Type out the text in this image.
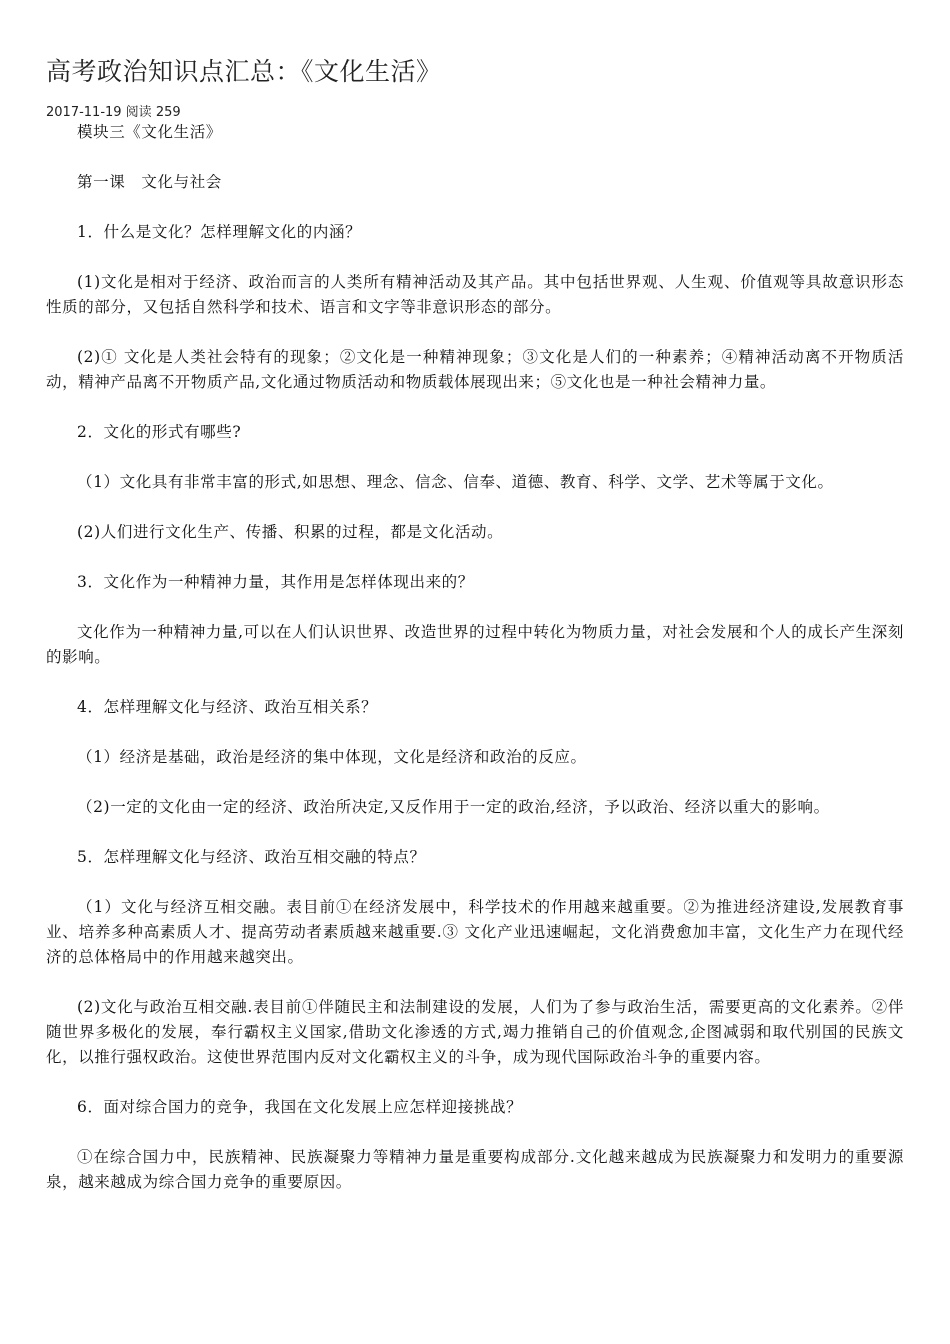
高考政治知识点汇总：《文化生活》
2017-11-19 阅读 259

模块三《文化生活》

第一课　文化与社会

1．什么是文化？怎样理解文化的内涵？

(1)文化是相对于经济、政治而言的人类所有精神活动及其产品。其中包括世界观、人生观、价值观等具故意识形态性质的部分，又包括自然科学和技术、语言和文字等非意识形态的部分。

(2)① 文化是人类社会特有的现象；②文化是一种精神现象；③文化是人们的一种素养；④精神活动离不开物质活动，精神产品离不开物质产品,文化通过物质活动和物质载体展现出来；⑤文化也是一种社会精神力量。

2．文化的形式有哪些?

（1）文化具有非常丰富的形式,如思想、理念、信念、信奉、道德、教育、科学、文学、艺术等属于文化。

(2)人们进行文化生产、传播、积累的过程，都是文化活动。

3．文化作为一种精神力量，其作用是怎样体现出来的？

文化作为一种精神力量,可以在人们认识世界、改造世界的过程中转化为物质力量，对社会发展和个人的成长产生深刻的影响。

4．怎样理解文化与经济、政治互相关系？

（1）经济是基础，政治是经济的集中体现，文化是经济和政治的反应。

（2)一定的文化由一定的经济、政治所决定,又反作用于一定的政治,经济，予以政治、经济以重大的影响。

5．怎样理解文化与经济、政治互相交融的特点？

（1）文化与经济互相交融。表目前①在经济发展中，科学技术的作用越来越重要。②为推进经济建设,发展教育事业、培养多种高素质人才、提高劳动者素质越来越重要.③ 文化产业迅速崛起，文化消费愈加丰富，文化生产力在现代经济的总体格局中的作用越来越突出。

(2)文化与政治互相交融.表目前①伴随民主和法制建设的发展，人们为了参与政治生活，需要更高的文化素养。②伴随世界多极化的发展，奉行霸权主义国家,借助文化渗透的方式,竭力推销自己的价值观念,企图减弱和取代别国的民族文化，以推行强权政治。这使世界范围内反对文化霸权主义的斗争，成为现代国际政治斗争的重要内容。

6．面对综合国力的竞争，我国在文化发展上应怎样迎接挑战？

①在综合国力中，民族精神、民族凝聚力等精神力量是重要构成部分.文化越来越成为民族凝聚力和发明力的重要源泉，越来越成为综合国力竞争的重要原因。
